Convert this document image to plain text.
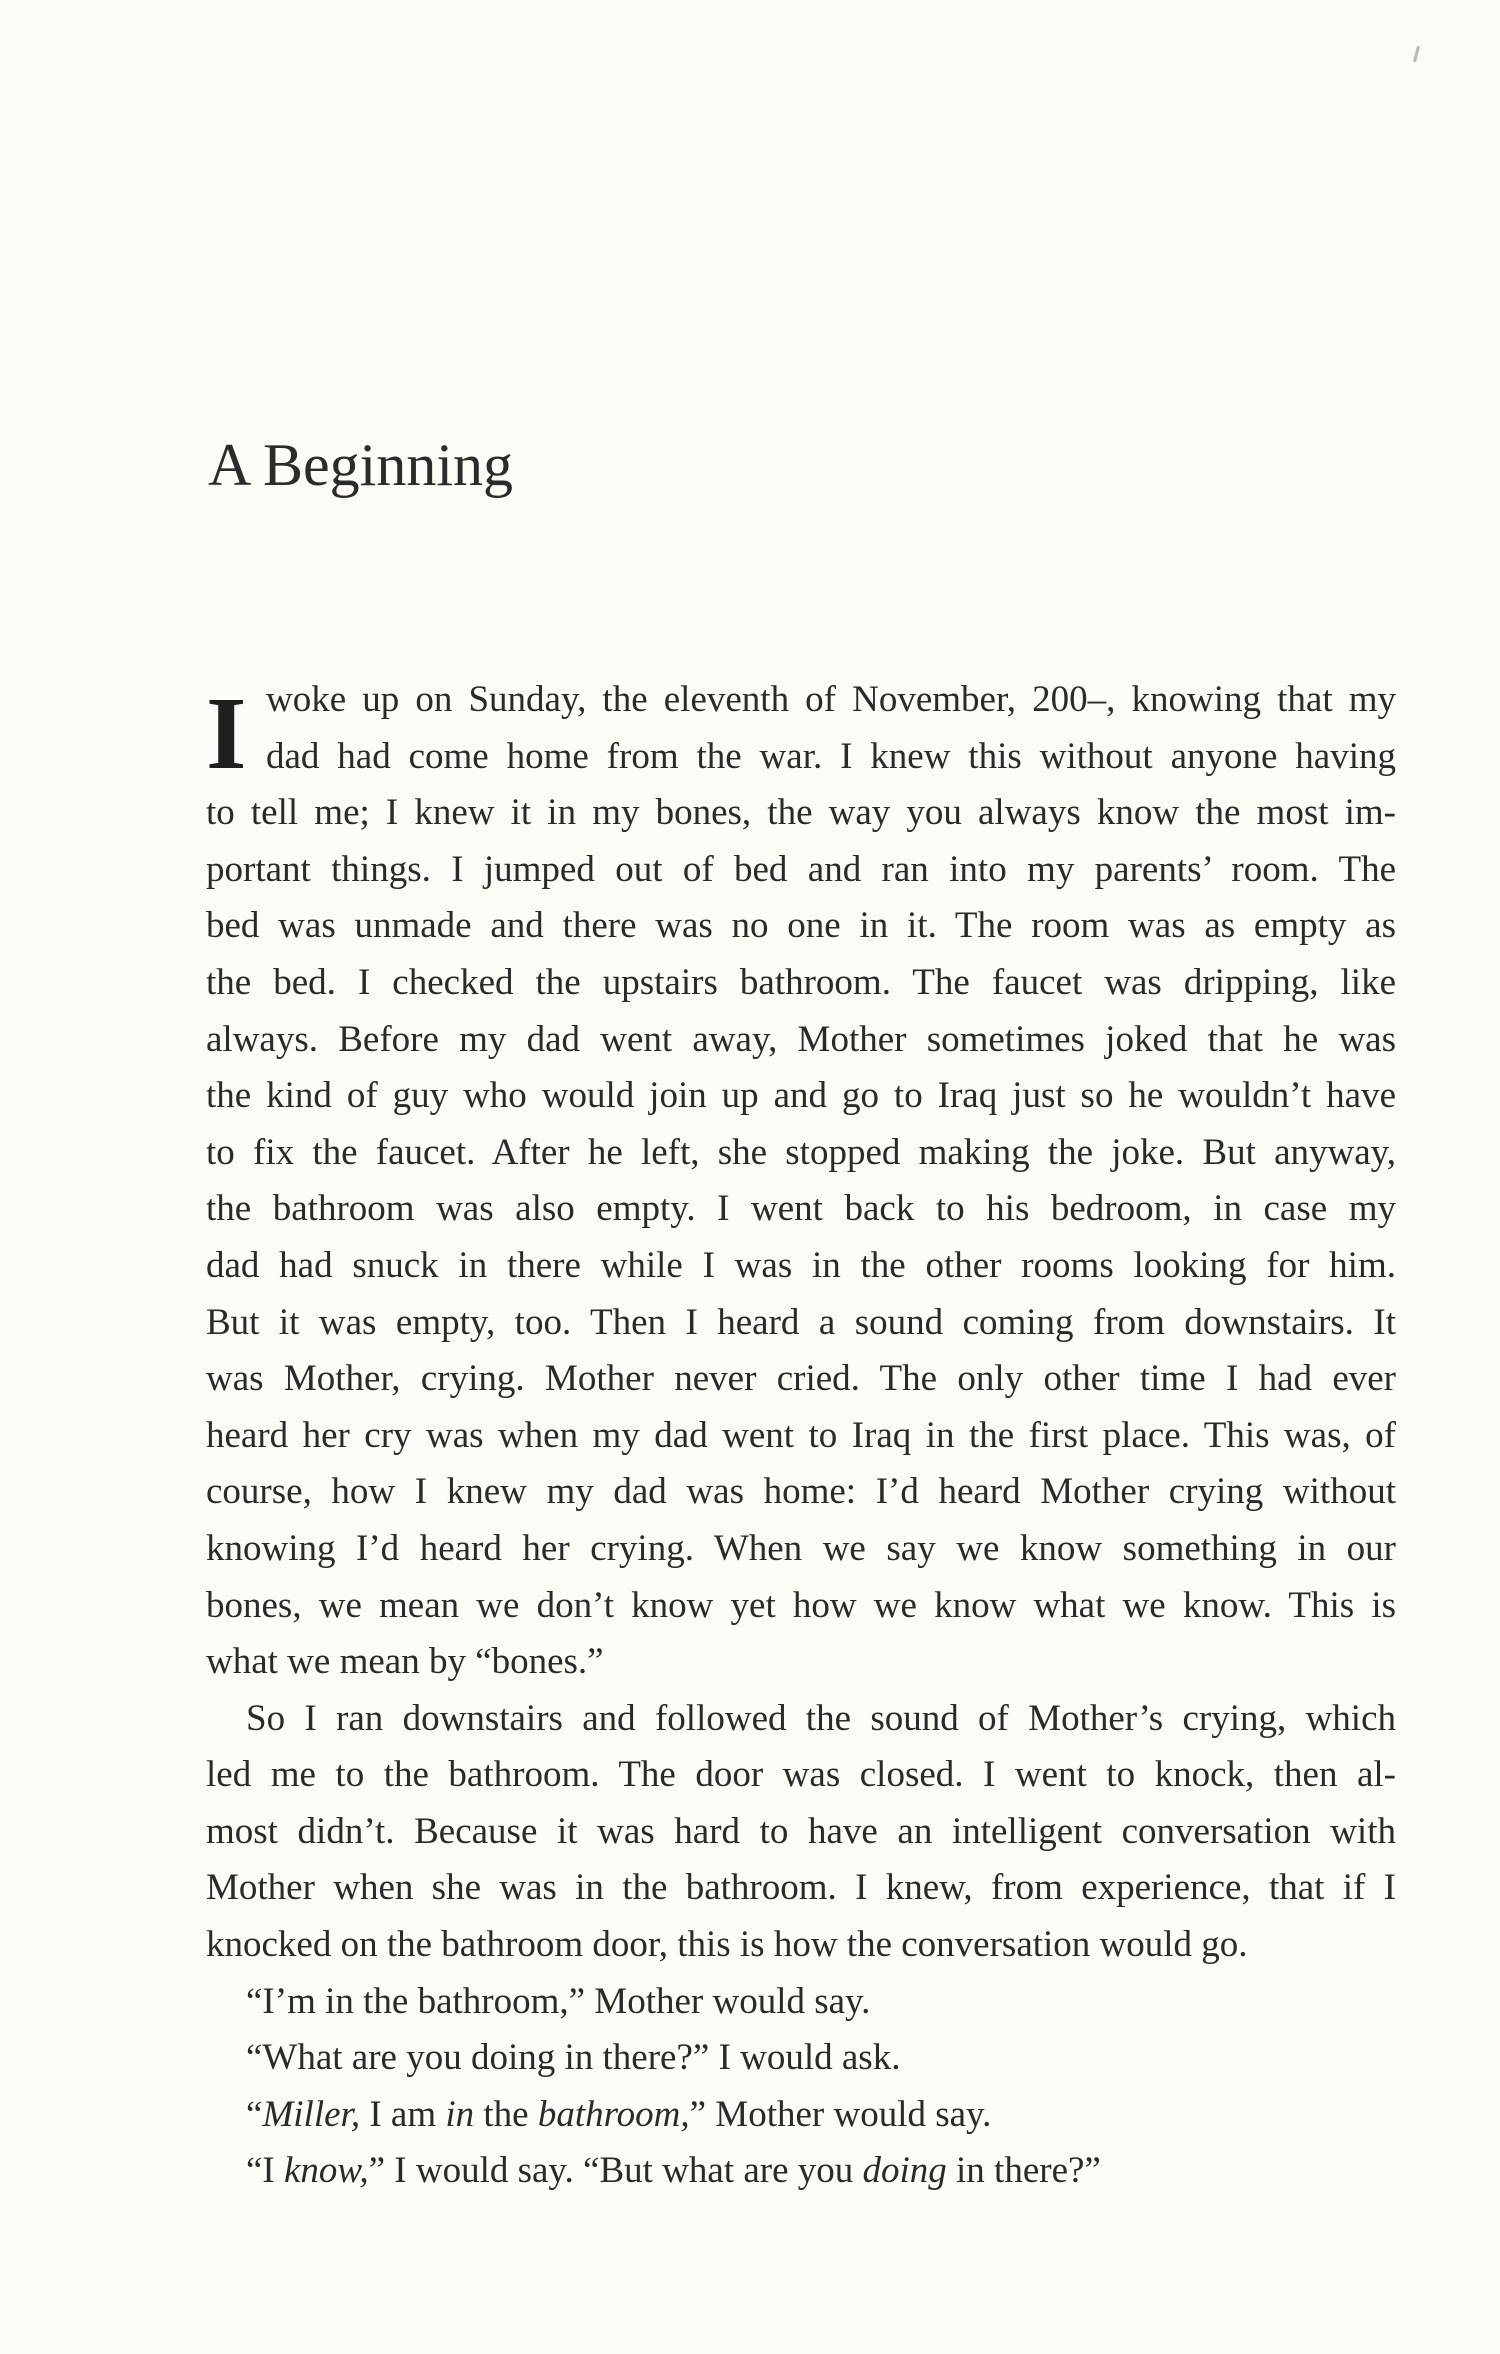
A Beginning
I woke up on Sunday, the eleventh of November, 200–, knowing that my
dad had come home from the war. I knew this without anyone having
to tell me; I knew it in my bones, the way you always know the most im-
portant things. I jumped out of bed and ran into my parents’ room. The
bed was unmade and there was no one in it. The room was as empty as
the bed. I checked the upstairs bathroom. The faucet was dripping, like
always. Before my dad went away, Mother sometimes joked that he was
the kind of guy who would join up and go to Iraq just so he wouldn’t have
to fix the faucet. After he left, she stopped making the joke. But anyway,
the bathroom was also empty. I went back to his bedroom, in case my
dad had snuck in there while I was in the other rooms looking for him.
But it was empty, too. Then I heard a sound coming from downstairs. It
was Mother, crying. Mother never cried. The only other time I had ever
heard her cry was when my dad went to Iraq in the first place. This was, of
course, how I knew my dad was home: I’d heard Mother crying without
knowing I’d heard her crying. When we say we know something in our
bones, we mean we don’t know yet how we know what we know. This is
what we mean by “bones.”
So I ran downstairs and followed the sound of Mother’s crying, which
led me to the bathroom. The door was closed. I went to knock, then al-
most didn’t. Because it was hard to have an intelligent conversation with
Mother when she was in the bathroom. I knew, from experience, that if I
knocked on the bathroom door, this is how the conversation would go.
“I’m in the bathroom,” Mother would say.
“What are you doing in there?” I would ask.
“Miller, I am in the bathroom,” Mother would say.
“I know,” I would say. “But what are you doing in there?”
